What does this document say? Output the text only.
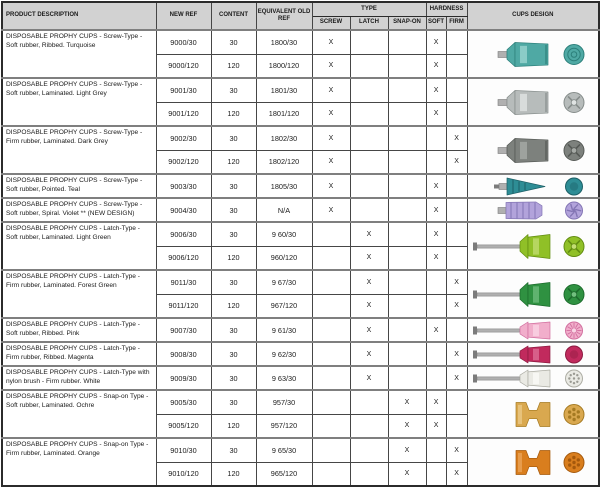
PRODUCT DESCRIPTION	NEW REF	CONTENT	EQUIVALENT OLD REF	TYPE			HARDNESS		CUPS DESIGN
				SCREW	LATCH	SNAP-ON	SOFT	FIRM	

DISPOSABLE PROPHY CUPS - Screw-Type - Soft rubber, Ribbed. Turquoise	9000/30	30	1800/30	X			X		

	9000/120	120	1800/120	X			X		

DISPOSABLE PROPHY CUPS - Screw-Type - Soft rubber, Laminated. Light Grey	9001/30	30	1801/30	X			X		

	9001/120	120	1801/120	X			X		

DISPOSABLE PROPHY CUPS - Screw-Type - Firm rubber, Laminated. Dark Grey	9002/30	30	1802/30	X				X	

	9002/120	120	1802/120	X				X	

DISPOSABLE PROPHY CUPS - Screw-Type - Soft rubber, Pointed. Teal	9003/30	30	1805/30	X			X		

DISPOSABLE PROPHY CUPS - Screw-Type - Soft rubber, Spiral. Violet ** (NEW DESIGN)	9004/30	30	N/A	X			X		

DISPOSABLE PROPHY CUPS - Latch-Type - Soft rubber, Laminated. Light Green	9006/30	30	9 60/30		X		X		

	9006/120	120	960/120		X		X		

DISPOSABLE PROPHY CUPS - Latch-Type - Firm rubber, Laminated. Forest Green	9011/30	30	9 67/30		X			X	

	9011/120	120	967/120		X			X	

DISPOSABLE PROPHY CUPS - Latch-Type - Soft rubber, Ribbed. Pink	9007/30	30	9 61/30		X		X		

DISPOSABLE PROPHY CUPS - Latch-Type - Firm rubber, Ribbed. Magenta	9008/30	30	9 62/30		X			X	

DISPOSABLE PROPHY CUPS - Latch-Type with nylon brush - Firm rubber. White	9009/30	30	9 63/30		X			X	

DISPOSABLE PROPHY CUPS - Snap-on Type - Soft rubber, Laminated. Ochre	9005/30	30	957/30			X	X		

	9005/120	120	957/120			X	X		

DISPOSABLE PROPHY CUPS - Snap-on Type - Firm rubber, Laminated. Orange	9010/30	30	9 65/30			X		X	

	9010/120	120	965/120			X		X	
